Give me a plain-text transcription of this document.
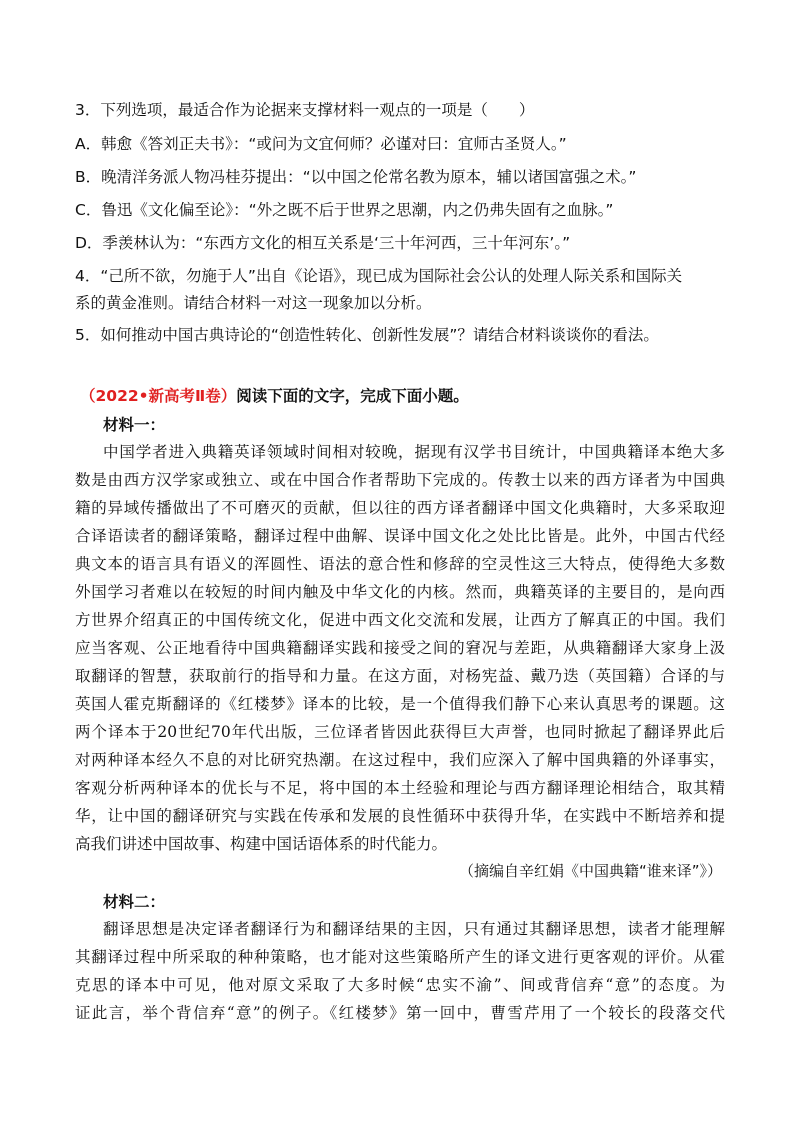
3．下列选项，最适合作为论据来支撑材料一观点的一项是（　　）
A．韩愈《答刘正夫书》：“或问为文宜何师？必谨对曰：宜师古圣贤人。”
B．晚清洋务派人物冯桂芬提出：“以中国之伦常名教为原本，辅以诸国富强之术。”
C．鲁迅《文化偏至论》：“外之既不后于世界之思潮，内之仍弗失固有之血脉。”
D．季羡林认为：“东西方文化的相互关系是‘三十年河西，三十年河东’。”
4．“己所不欲，勿施于人”出自《论语》，现已成为国际社会公认的处理人际关系和国际关
系的黄金准则。请结合材料一对这一现象加以分析。
5．如何推动中国古典诗论的“创造性转化、创新性发展”？请结合材料谈谈你的看法。
（2022•新高考Ⅱ卷）阅读下面的文字，完成下面小题。
材料一：
中国学者进入典籍英译领域时间相对较晚，据现有汉学书目统计，中国典籍译本绝大多
数是由西方汉学家或独立、或在中国合作者帮助下完成的。传教士以来的西方译者为中国典
籍的异域传播做出了不可磨灭的贡献，但以往的西方译者翻译中国文化典籍时，大多采取迎
合译语读者的翻译策略，翻译过程中曲解、误译中国文化之处比比皆是。此外，中国古代经
典文本的语言具有语义的浑圆性、语法的意合性和修辞的空灵性这三大特点，使得绝大多数
外国学习者难以在较短的时间内触及中华文化的内核。然而，典籍英译的主要目的，是向西
方世界介绍真正的中国传统文化，促进中西文化交流和发展，让西方了解真正的中国。我们
应当客观、公正地看待中国典籍翻译实践和接受之间的窘况与差距，从典籍翻译大家身上汲
取翻译的智慧，获取前行的指导和力量。在这方面，对杨宪益、戴乃迭（英国籍）合译的与
英国人霍克斯翻译的《红楼梦》译本的比较，是一个值得我们静下心来认真思考的课题。这
两个译本于20世纪70年代出版，三位译者皆因此获得巨大声誉，也同时掀起了翻译界此后
对两种译本经久不息的对比研究热潮。在这过程中，我们应深入了解中国典籍的外译事实，
客观分析两种译本的优长与不足，将中国的本土经验和理论与西方翻译理论相结合，取其精
华，让中国的翻译研究与实践在传承和发展的良性循环中获得升华，在实践中不断培养和提
高我们讲述中国故事、构建中国话语体系的时代能力。
（摘编自辛红娟《中国典籍“谁来译”》）
材料二：
翻译思想是决定译者翻译行为和翻译结果的主因，只有通过其翻译思想，读者才能理解
其翻译过程中所采取的种种策略，也才能对这些策略所产生的译文进行更客观的评价。从霍
克思的译本中可见，他对原文采取了大多时候“忠实不渝”、间或背信弃“意”的态度。为
证此言，举个背信弃“意”的例子。《红楼梦》第一回中，曹雪芹用了一个较长的段落交代
